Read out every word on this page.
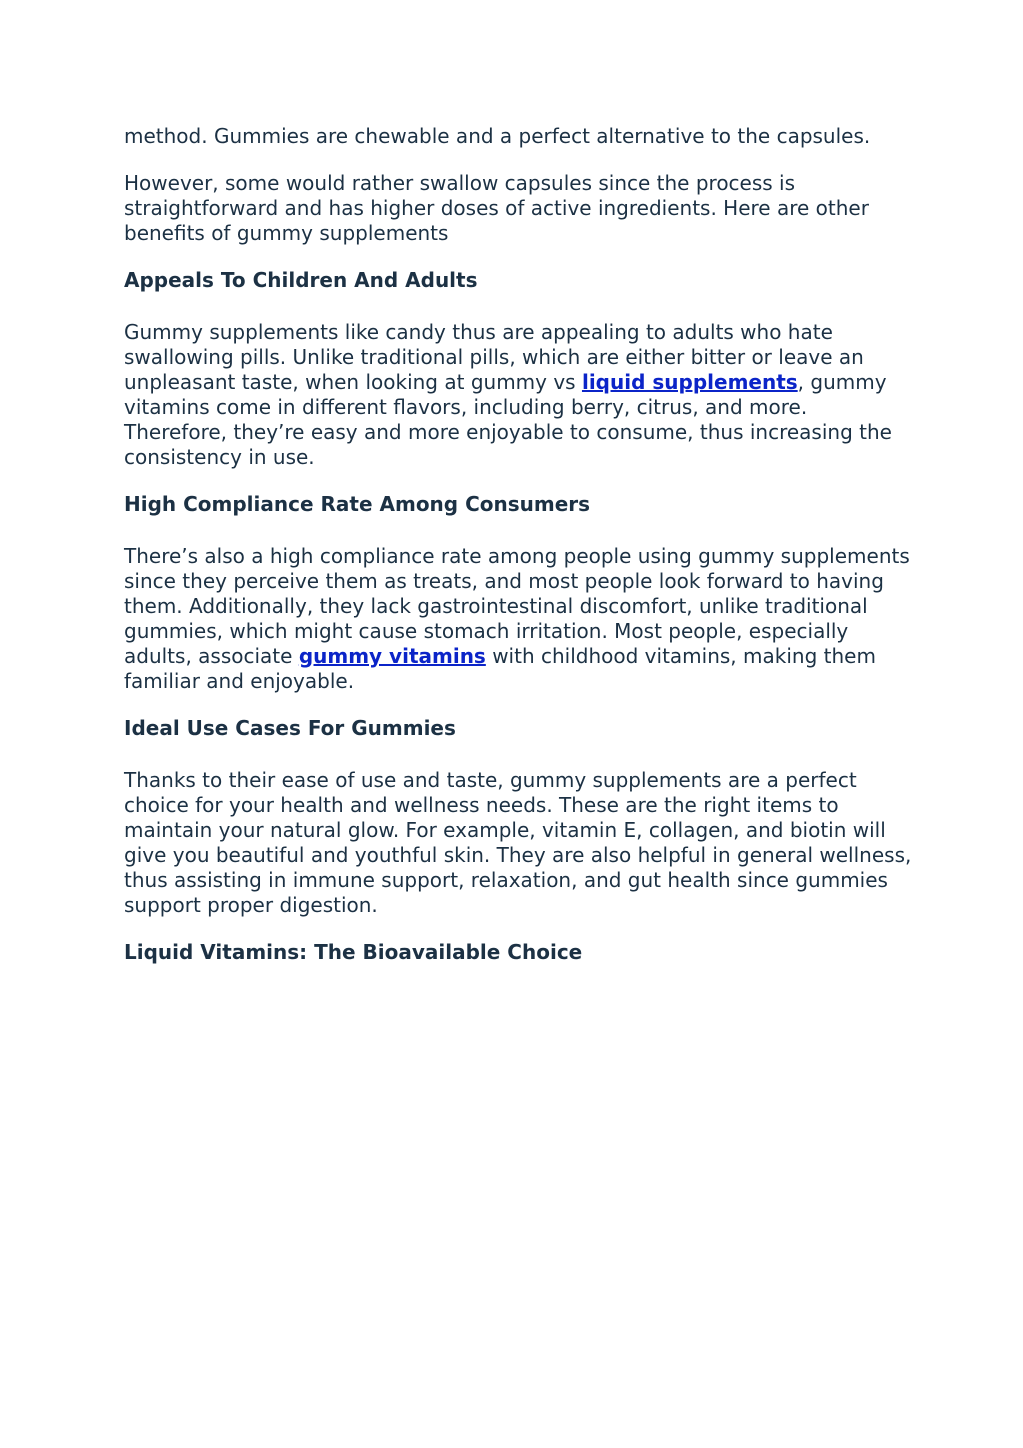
method. Gummies are chewable and a perfect alternative to the capsules.

However, some would rather swallow capsules since the process is straightforward and has higher doses of active ingredients. Here are other benefits of gummy supplements

Appeals To Children And Adults

Gummy supplements like candy thus are appealing to adults who hate swallowing pills. Unlike traditional pills, which are either bitter or leave an unpleasant taste, when looking at gummy vs liquid supplements, gummy vitamins come in different flavors, including berry, citrus, and more. Therefore, they’re easy and more enjoyable to consume, thus increasing the consistency in use.

High Compliance Rate Among Consumers

There’s also a high compliance rate among people using gummy supplements since they perceive them as treats, and most people look forward to having them. Additionally, they lack gastrointestinal discomfort, unlike traditional gummies, which might cause stomach irritation. Most people, especially adults, associate gummy vitamins with childhood vitamins, making them familiar and enjoyable.

Ideal Use Cases For Gummies

Thanks to their ease of use and taste, gummy supplements are a perfect choice for your health and wellness needs. These are the right items to maintain your natural glow. For example, vitamin E, collagen, and biotin will give you beautiful and youthful skin. They are also helpful in general wellness, thus assisting in immune support, relaxation, and gut health since gummies support proper digestion.

Liquid Vitamins: The Bioavailable Choice
